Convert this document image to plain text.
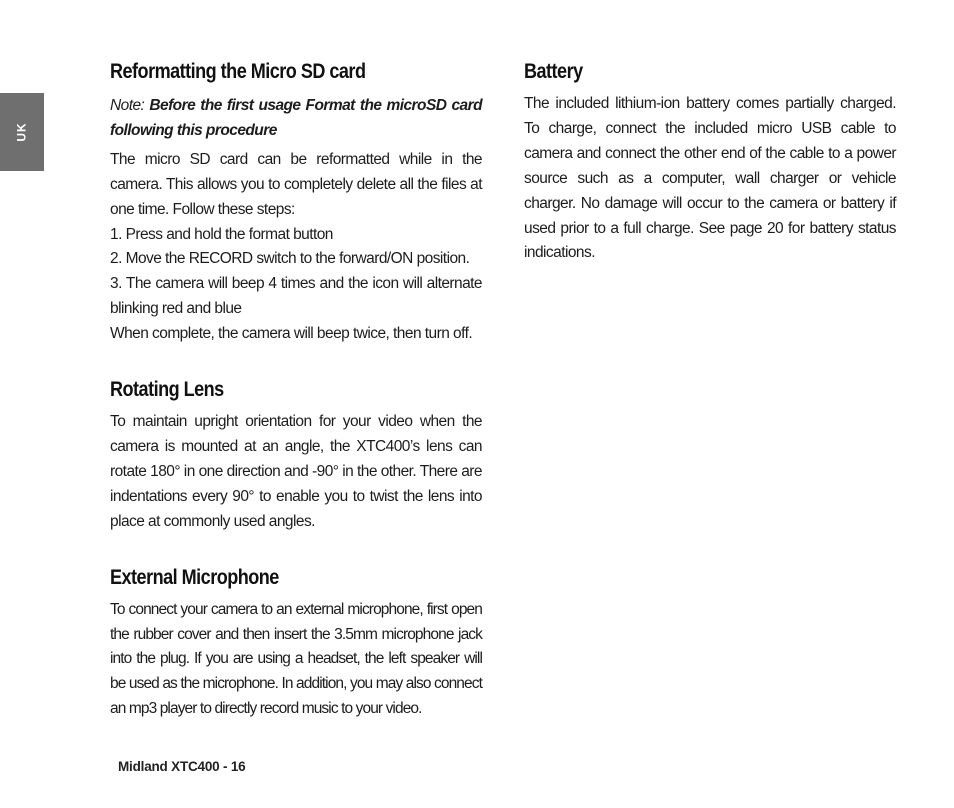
UK
Reformatting the Micro SD card

Note: Before the first usage Format the microSD card following this procedure

The micro SD card can be reformatted while in the camera. This allows you to completely delete all the files at one time. Follow these steps:

1. Press and hold the format button
2. Move the RECORD switch to the forward/ON position.

3. The camera will beep 4 times and the icon will alternate blinking red and blue

When complete, the camera will beep twice, then turn off.
Rotating Lens

To maintain upright orientation for your video when the camera is mounted at an angle, the XTC400’s lens can rotate 180° in one direction and -90° in the other. There are indentations every 90° to enable you to twist the lens into place at commonly used angles.

External Microphone

To connect your camera to an external microphone, first open the rubber cover and then insert the 3.5mm microphone jack into the plug. If you are using a headset, the left speaker will be used as the microphone. In addition, you may also connect an mp3 player to directly record music to your video.

Battery

The included lithium-ion battery comes partially charged. To charge, connect the included micro USB cable to camera and connect the other end of the cable to a power source such as a computer, wall charger or vehicle charger. No damage will occur to the camera or battery if used prior to a full charge. See page 20 for battery status indications.

Midland XTC400 - 16
